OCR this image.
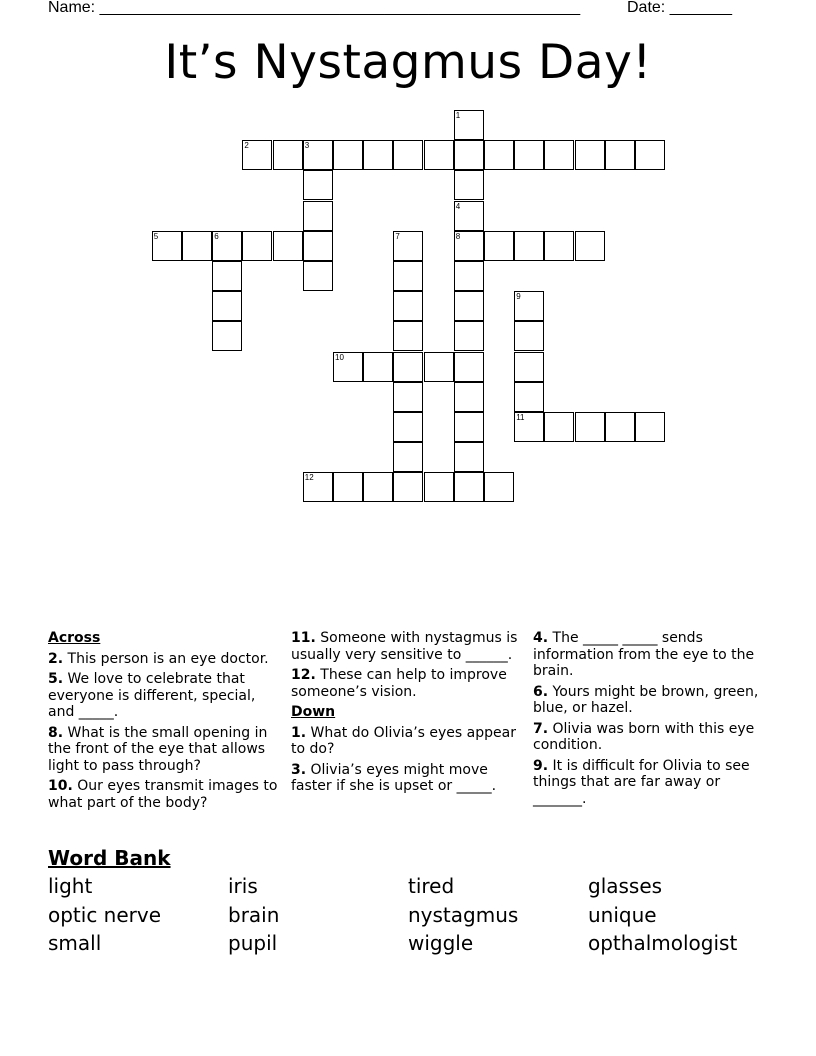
Name: ______________________________________________________	Date: _______
It’s Nystagmus Day!
1
4
8
2	3
5	6	7
9
11
10
12
Across
2. This person is an eye doctor.
5. We love to celebrate that everyone is different, special, and _____.
8. What is the small opening in the front of the eye that allows light to pass through?
10. Our eyes transmit images to what part of the body?
11. Someone with nystagmus is usually very sensitive to ______.
12. These can help to improve someone’s vision.
Down
1. What do Olivia’s eyes appear to do?
3. Olivia’s eyes might move faster if she is upset or _____.
4. The _____ _____ sends information from the eye to the brain.
6. Yours might be brown, green, blue, or hazel.
7. Olivia was born with this eye condition.
9. It is difficult for Olivia to see things that are far away or _______.
Word Bank
light	iris	tired	glasses
optic nerve	brain	nystagmus	unique
small	pupil	wiggle	opthalmologist
